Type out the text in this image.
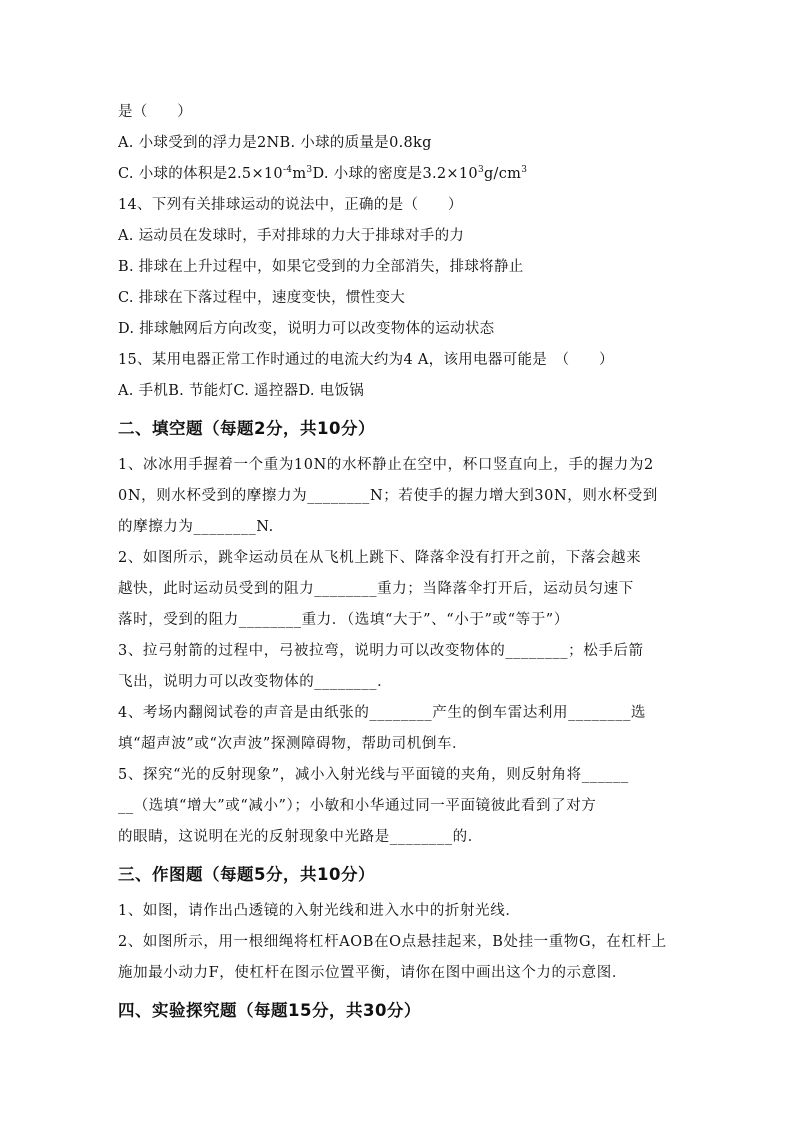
是（　　）
A. 小球受到的浮力是2NB. 小球的质量是0.8kg
C. 小球的体积是$2.5\times 10^{-4}m^3D$. 小球的密度是$3.2\times 10^3g/cm^3$
14、下列有关排球运动的说法中，正确的是（　　）
A. 运动员在发球时，手对排球的力大于排球对手的力
B. 排球在上升过程中，如果它受到的力全部消失，排球将静止
C. 排球在下落过程中，速度变快，惯性变大
D. 排球触网后方向改变，说明力可以改变物体的运动状态
15、某用电器正常工作时通过的电流大约为4 A，该用电器可能是　（　　）
A. 手机B. 节能灯C. 遥控器D. 电饭锅
二、填空题（每题2分，共10分）
1、冰冰用手握着一个重为10N的水杯静止在空中，杯口竖直向上，手的握力为2
0N，则水杯受到的摩擦力为________N；若使手的握力增大到30N，则水杯受到
的摩擦力为________N.
2、如图所示，跳伞运动员在从飞机上跳下、降落伞没有打开之前，下落会越来
越快，此时运动员受到的阻力________重力；当降落伞打开后，运动员匀速下
落时，受到的阻力________重力．（选填“大于”、“小于”或“等于”）
3、拉弓射箭的过程中，弓被拉弯，说明力可以改变物体的________；松手后箭
飞出，说明力可以改变物体的________．
4、考场内翻阅试卷的声音是由纸张的________产生的倒车雷达利用________选
填“超声波”或“次声波”探测障碍物，帮助司机倒车．
5、探究“光的反射现象”，减小入射光线与平面镜的夹角，则反射角将______
__（选填“增大”或“减小”）；小敏和小华通过同一平面镜彼此看到了对方
的眼睛，这说明在光的反射现象中光路是________的．
三、作图题（每题5分，共10分）
1、如图，请作出凸透镜的入射光线和进入水中的折射光线．
2、如图所示，用一根细绳将杠杆AOB在O点悬挂起来，B处挂一重物G，在杠杆上
施加最小动力F，使杠杆在图示位置平衡，请你在图中画出这个力的示意图．
四、实验探究题（每题15分，共30分）
